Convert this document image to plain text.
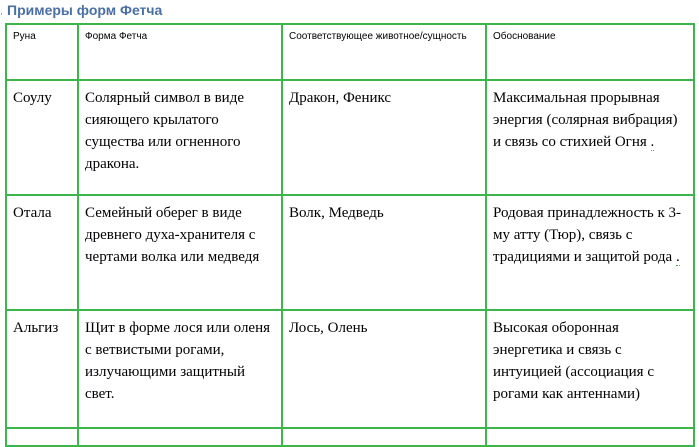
· Примеры форм Фетча
Руна	Форма Фетча	Соответствующее животное/сущность	Обоснование
Соулу	Солярный символ в виде сияющего крылатого существа или огненного дракона.	Дракон, Феникс	Максимальная прорывная энергия (солярная вибрация) и связь со стихией Огня .
Отала	Семейный оберег в виде древнего духа-хранителя с чертами волка или медведя	Волк, Медведь	Родовая принадлежность к 3-му атту (Тюр), связь с традициями и защитой рода .
Альгиз	Щит в форме лося или оленя с ветвистыми рогами, излучающими защитный свет.	Лось, Олень	Высокая оборонная энергетика и связь с интуицией (ассоциация с рогами как антеннами)
